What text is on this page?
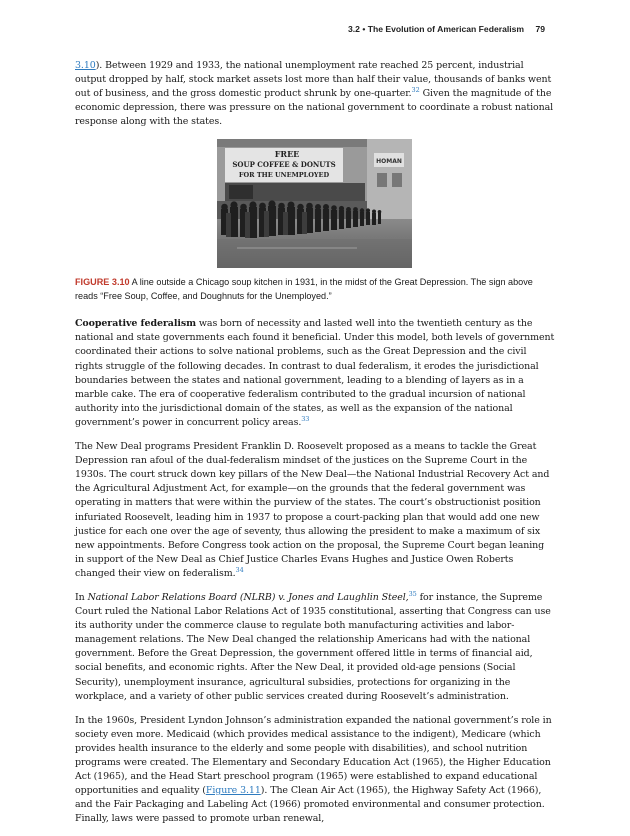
3.2 • The Evolution of American Federalism 79

3.10). Between 1929 and 1933, the national unemployment rate reached 25 percent, industrial output dropped by half, stock market assets lost more than half their value, thousands of banks went out of business, and the gross domestic product shrunk by one-quarter.$^{32}$ Given the magnitude of the economic depression, there was pressure on the national government to coordinate a robust national response along with the states.

FREE
SOUP COFFEE & DONUTS
FOR THE UNEMPLOYED
HOMAN
FIGURE 3.10 A line outside a Chicago soup kitchen in 1931, in the midst of the Great Depression. The sign above reads “Free Soup, Coffee, and Doughnuts for the Unemployed.”

Cooperative federalism was born of necessity and lasted well into the twentieth century as the national and state governments each found it beneficial. Under this model, both levels of government coordinated their actions to solve national problems, such as the Great Depression and the civil rights struggle of the following decades. In contrast to dual federalism, it erodes the jurisdictional boundaries between the states and national government, leading to a blending of layers as in a marble cake. The era of cooperative federalism contributed to the gradual incursion of national authority into the jurisdictional domain of the states, as well as the expansion of the national government’s power in concurrent policy areas.$^{33}$

The New Deal programs President Franklin D. Roosevelt proposed as a means to tackle the Great Depression ran afoul of the dual-federalism mindset of the justices on the Supreme Court in the 1930s. The court struck down key pillars of the New Deal—the National Industrial Recovery Act and the Agricultural Adjustment Act, for example—on the grounds that the federal government was operating in matters that were within the purview of the states. The court’s obstructionist position infuriated Roosevelt, leading him in 1937 to propose a court-packing plan that would add one new justice for each one over the age of seventy, thus allowing the president to make a maximum of six new appointments. Before Congress took action on the proposal, the Supreme Court began leaning in support of the New Deal as Chief Justice Charles Evans Hughes and Justice Owen Roberts changed their view on federalism.$^{34}$

In National Labor Relations Board (NLRB) v. Jones and Laughlin Steel,$^{35}$ for instance, the Supreme Court ruled the National Labor Relations Act of 1935 constitutional, asserting that Congress can use its authority under the commerce clause to regulate both manufacturing activities and labor-management relations. The New Deal changed the relationship Americans had with the national government. Before the Great Depression, the government offered little in terms of financial aid, social benefits, and economic rights. After the New Deal, it provided old-age pensions (Social Security), unemployment insurance, agricultural subsidies, protections for organizing in the workplace, and a variety of other public services created during Roosevelt’s administration.

In the 1960s, President Lyndon Johnson’s administration expanded the national government’s role in society even more. Medicaid (which provides medical assistance to the indigent), Medicare (which provides health insurance to the elderly and some people with disabilities), and school nutrition programs were created. The Elementary and Secondary Education Act (1965), the Higher Education Act (1965), and the Head Start preschool program (1965) were established to expand educational opportunities and equality (Figure 3.11). The Clean Air Act (1965), the Highway Safety Act (1966), and the Fair Packaging and Labeling Act (1966) promoted environmental and consumer protection. Finally, laws were passed to promote urban renewal,
